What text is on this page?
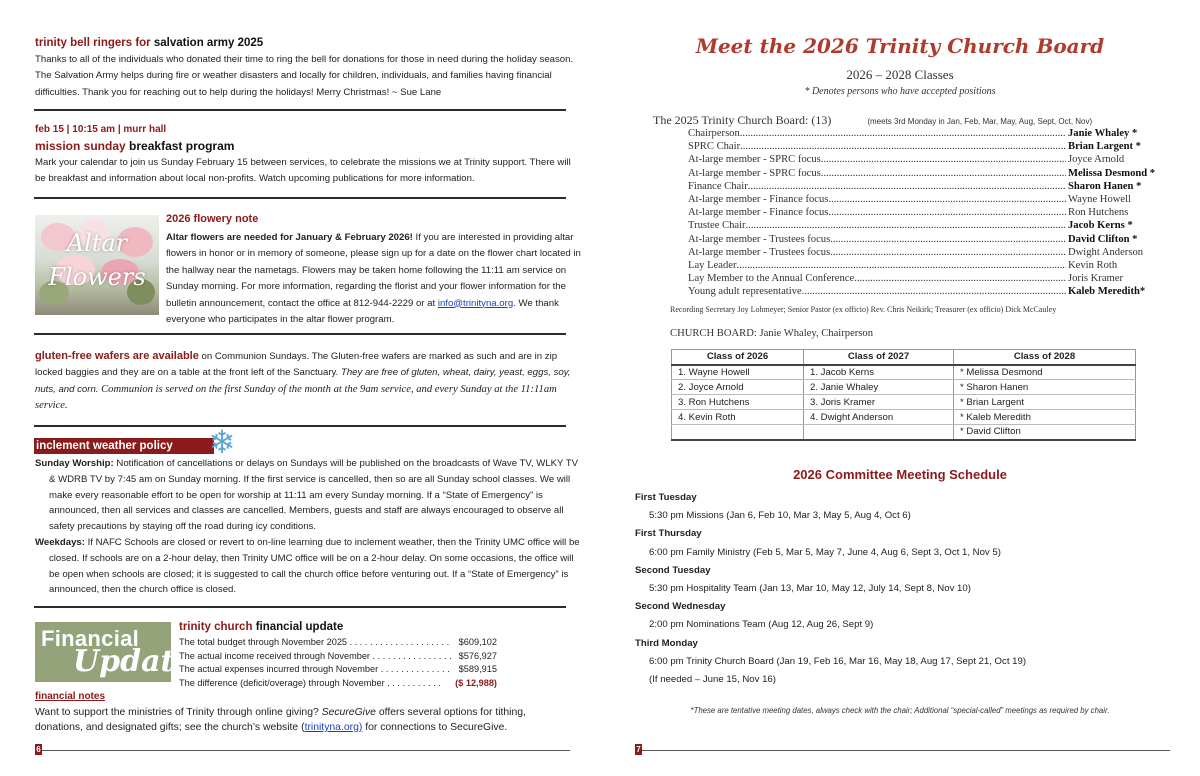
trinity bell ringers for salvation army 2025
Thanks to all of the individuals who donated their time to ring the bell for donations for those in need during the holiday season. The Salvation Army helps during fire or weather disasters and locally for children, individuals, and families having financial difficulties. Thank you for reaching out to help during the holidays! Merry Christmas! ~ Sue Lane
feb 15 | 10:15 am | murr hall
mission sunday breakfast program
Mark your calendar to join us Sunday February 15 between services, to celebrate the missions we at Trinity support. There will be breakfast and information about local non-profits. Watch upcoming publications for more information.
Altar
Flowers
2026 flowery note
Altar flowers are needed for January & February 2026! If you are interested in providing altar flowers in honor or in memory of someone, please sign up for a date on the flower chart located in the hallway near the nametags. Flowers may be taken home following the 11:11 am service on Sunday morning. For more information, regarding the florist and your flower information for the bulletin announcement, contact the office at 812-944-2229 or at info@trinityna.org. We thank everyone who participates in the altar flower program.
gluten-free wafers are available on Communion Sundays. The Gluten-free wafers are marked as such and are in zip locked baggies and they are on a table at the front left of the Sanctuary. They are free of gluten, wheat, dairy, yeast, eggs, soy, nuts, and corn. Communion is served on the first Sunday of the month at the 9am service, and every Sunday at the 11:11am service.
inclement weather policy	❄
Sunday Worship: Notification of cancellations or delays on Sundays will be published on the broadcasts of Wave TV, WLKY TV & WDRB TV by 7:45 am on Sunday morning. If the first service is cancelled, then so are all Sunday school classes. We will make every reasonable effort to be open for worship at 11:11 am every Sunday morning. If a “State of Emergency” is announced, then all services and classes are cancelled. Members, guests and staff are always encouraged to observe all safety precautions by staying off the road during icy conditions.
Weekdays: If NAFC Schools are closed or revert to on-line learning due to inclement weather, then the Trinity UMC office will be closed. If schools are on a 2-hour delay, then Trinity UMC office will be on a 2-hour delay. On some occasions, the office will be open when schools are closed; it is suggested to call the church office before venturing out. If a “State of Emergency” is announced, then the church office is closed.
Financial
Update
trinity church financial update
The total budget through November 2025 . . . . . . . . . . . . . . . . . . . . $609,102
The actual income received through November . . . . . . . . . . . . . . . . $576,927
The actual expenses incurred through November . . . . . . . . . . . . . . $589,915
The difference (deficit/overage) through November . . . . . . . . . . . ($ 12,988)
financial notes
Want to support the ministries of Trinity through online giving? SecureGive offers several options for tithing, donations, and designated gifts; see the church’s website (trinityna.org) for connections to SecureGive.
6
Meet the 2026 Trinity Church Board
2026 – 2028 Classes
* Denotes persons who have accepted positions
The 2025 Trinity Church Board: (13)	(meets 3rd Monday in Jan, Feb, Mar, May, Aug, Sept, Oct, Nov)
Chairperson .....	Janie Whaley *
SPRC Chair .....	Brian Largent *
At-large member - SPRC focus .....	Joyce Arnold
At-large member - SPRC focus .....	Melissa Desmond *
Finance Chair .....	Sharon Hanen *
At-large member - Finance focus .....	Wayne Howell
At-large member - Finance focus .....	Ron Hutchens
Trustee Chair .....	Jacob Kerns *
At-large member - Trustees focus .....	David Clifton *
At-large member - Trustees focus .....	Dwight Anderson
Lay Leader .....	Kevin Roth
Lay Member to the Annual Conference .....	Joris Kramer
Young adult representative .....	Kaleb Meredith*
Recording Secretary Joy Lohmeyer; Senior Pastor (ex officio) Rev. Chris Neikirk; Treasurer (ex officio) Dick McCauley
CHURCH BOARD: Janie Whaley, Chairperson
2026 Committee Meeting Schedule
First Tuesday
5:30 pm Missions (Jan 6, Feb 10, Mar 3, May 5, Aug 4, Oct 6)
First Thursday
6:00 pm Family Ministry (Feb 5, Mar 5, May 7, June 4, Aug 6, Sept 3, Oct 1, Nov 5)
Second Tuesday
5:30 pm Hospitality Team (Jan 13, Mar 10, May 12, July 14, Sept 8, Nov 10)
Second Wednesday
2:00 pm Nominations Team (Aug 12, Aug 26, Sept 9)
Third Monday
6:00 pm Trinity Church Board (Jan 19, Feb 16, Mar 16, May 18, Aug 17, Sept 21, Oct 19)
(If needed – June 15, Nov 16)
*These are tentative meeting dates, always check with the chair; Additional “special-called” meetings as required by chair.
7
Class of 2026	Class of 2027	Class of 2028
1. Wayne Howell	1. Jacob Kerns	* Melissa Desmond
2. Joyce Arnold	2. Janie Whaley	* Sharon Hanen
3. Ron Hutchens	3. Joris Kramer	* Brian Largent
4. Kevin Roth	4. Dwight Anderson	* Kaleb Meredith
		* David Clifton
